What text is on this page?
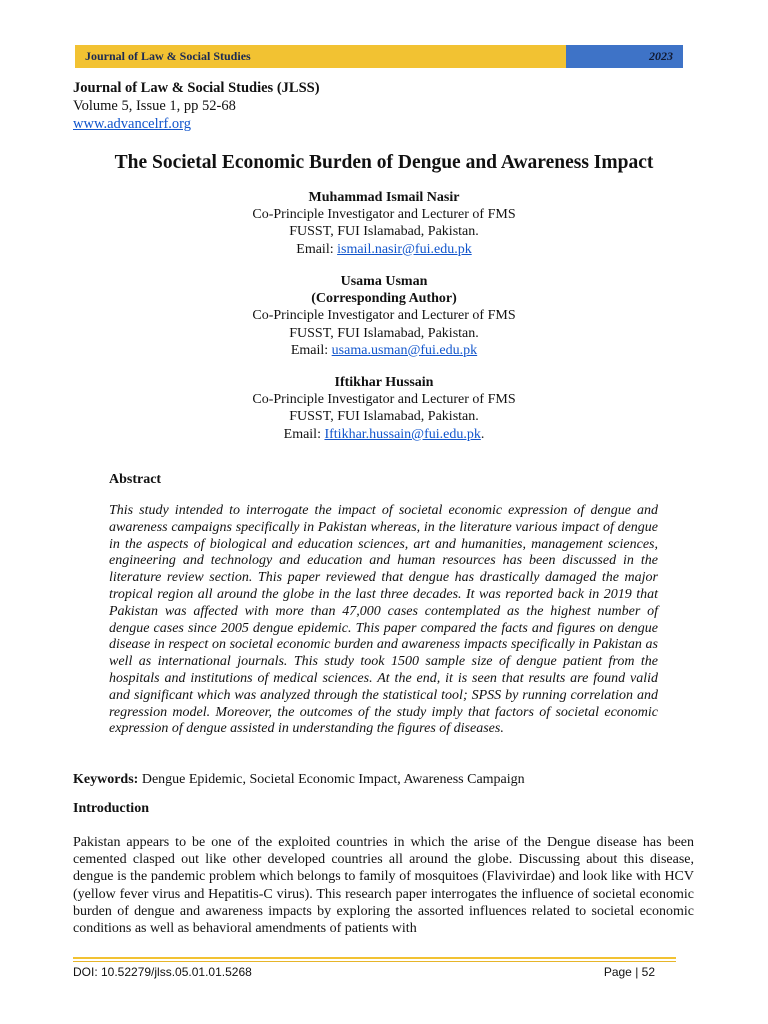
Journal of Law & Social Studies	2023
Journal of Law & Social Studies (JLSS)
Volume 5, Issue 1, pp 52-68
www.advancelrf.org
The Societal Economic Burden of Dengue and Awareness Impact
Muhammad Ismail Nasir
Co-Principle Investigator and Lecturer of FMS
FUSST, FUI Islamabad, Pakistan.
Email: ismail.nasir@fui.edu.pk
Usama Usman
(Corresponding Author)
Co-Principle Investigator and Lecturer of FMS
FUSST, FUI Islamabad, Pakistan.
Email: usama.usman@fui.edu.pk
Iftikhar Hussain
Co-Principle Investigator and Lecturer of FMS
FUSST, FUI Islamabad, Pakistan.
Email: Iftikhar.hussain@fui.edu.pk.
Abstract
This study intended to interrogate the impact of societal economic expression of dengue and awareness campaigns specifically in Pakistan whereas, in the literature various impact of dengue in the aspects of biological and education sciences, art and humanities, management sciences, engineering and technology and education and human resources has been discussed in the literature review section. This paper reviewed that dengue has drastically damaged the major tropical region all around the globe in the last three decades. It was reported back in 2019 that Pakistan was affected with more than 47,000 cases contemplated as the highest number of dengue cases since 2005 dengue epidemic. This paper compared the facts and figures on dengue disease in respect on societal economic burden and awareness impacts specifically in Pakistan as well as international journals. This study took 1500 sample size of dengue patient from the hospitals and institutions of medical sciences. At the end, it is seen that results are found valid and significant which was analyzed through the statistical tool; SPSS by running correlation and regression model. Moreover, the outcomes of the study imply that factors of societal economic expression of dengue assisted in understanding the figures of diseases.
Keywords: Dengue Epidemic, Societal Economic Impact, Awareness Campaign
Introduction
Pakistan appears to be one of the exploited countries in which the arise of the Dengue disease has been cemented clasped out like other developed countries all around the globe. Discussing about this disease, dengue is the pandemic problem which belongs to family of mosquitoes (Flavivirdae) and look like with HCV (yellow fever virus and Hepatitis-C virus). This research paper interrogates the influence of societal economic burden of dengue and awareness impacts by exploring the assorted influences related to societal economic conditions as well as behavioral amendments of patients with
DOI: 10.52279/jlss.05.01.01.5268	Page | 52
